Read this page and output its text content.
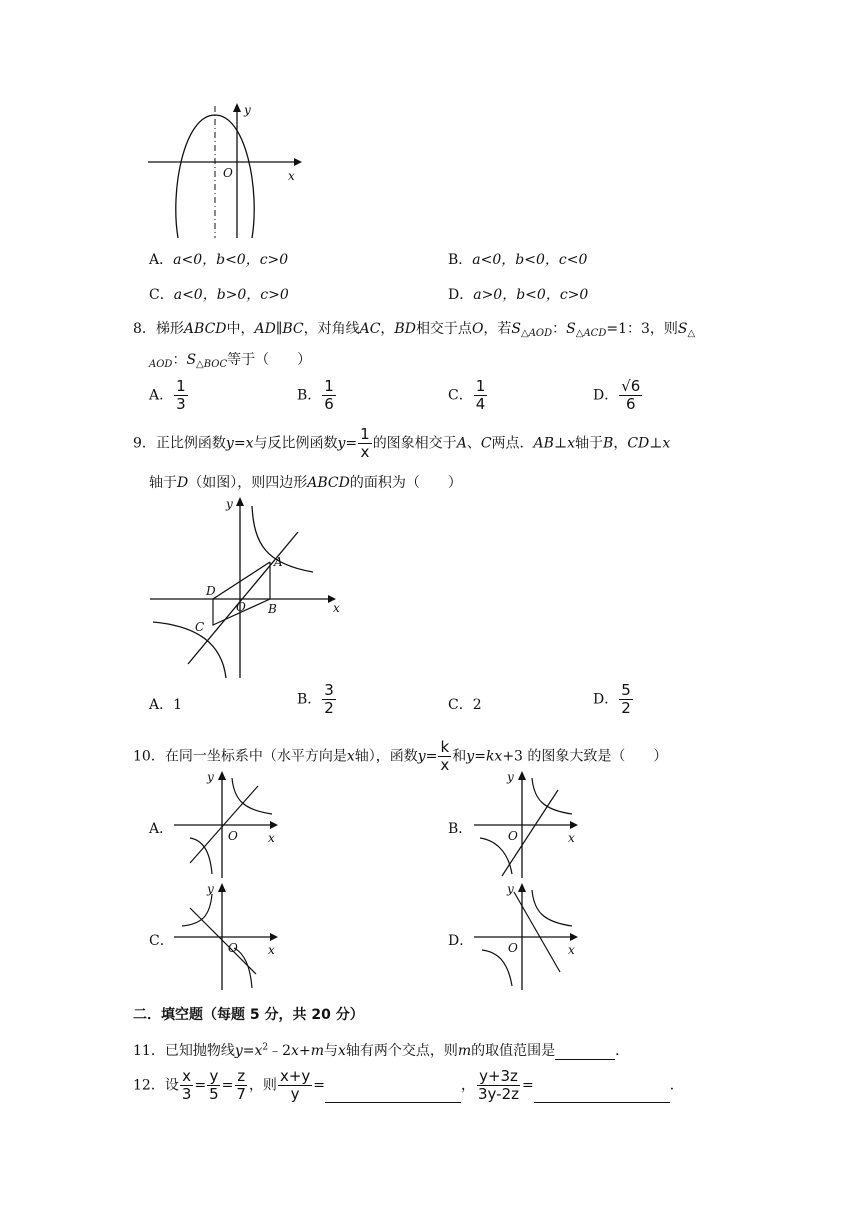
y
O	x
A．a<0，b<0，c>0	B．a<0，b<0，c<0
C．a<0，b>0，c>0	D．a>0，b<0，c>0
8．梯形ABCD中，AD∥BC，对角线AC，BD相交于点O，若$S_{\triangle AOD}$：$S_{\triangle ACD}=1$：3，则$S_\triangle$
$_{AOD}$：$S_{\triangle BOC}$等于（　　）
A． $\frac{1}{3}$	B． $\frac{1}{6}$	C． $\frac{1}{4}$	D． $\frac{√6}{6}$
9．正比例函数y=x与反比例函数$y= \frac{1}{x}$ 的图象相交于A、C两点．AB⊥x轴于B，CD⊥x
轴于D（如图），则四边形ABCD的面积为（　　）
y
x
O
A
B
C
D
A．1	B． $\frac{3}{2}$	C．2	D． $\frac{5}{2}$
10．在同一坐标系中（水平方向是x轴），函数$y= \frac{k}{x}$ 和y=kx+3 的图象大致是（　　）
A．
y
O	x
B．
y
O	x
C．
y
O	x
D．
y
O	x
二．填空题（每题 5 分，共 20 分）
11．已知抛物线$y=x^2﹣2x+m$与x轴有两个交点，则m的取值范围是	．
12．设 $\frac{x}{3} = \frac{y}{5} = \frac{z}{7}$ ，则 $\frac{x+y}{y}$ =	， $\frac{y+3z}{3y-2z}$ =	．
